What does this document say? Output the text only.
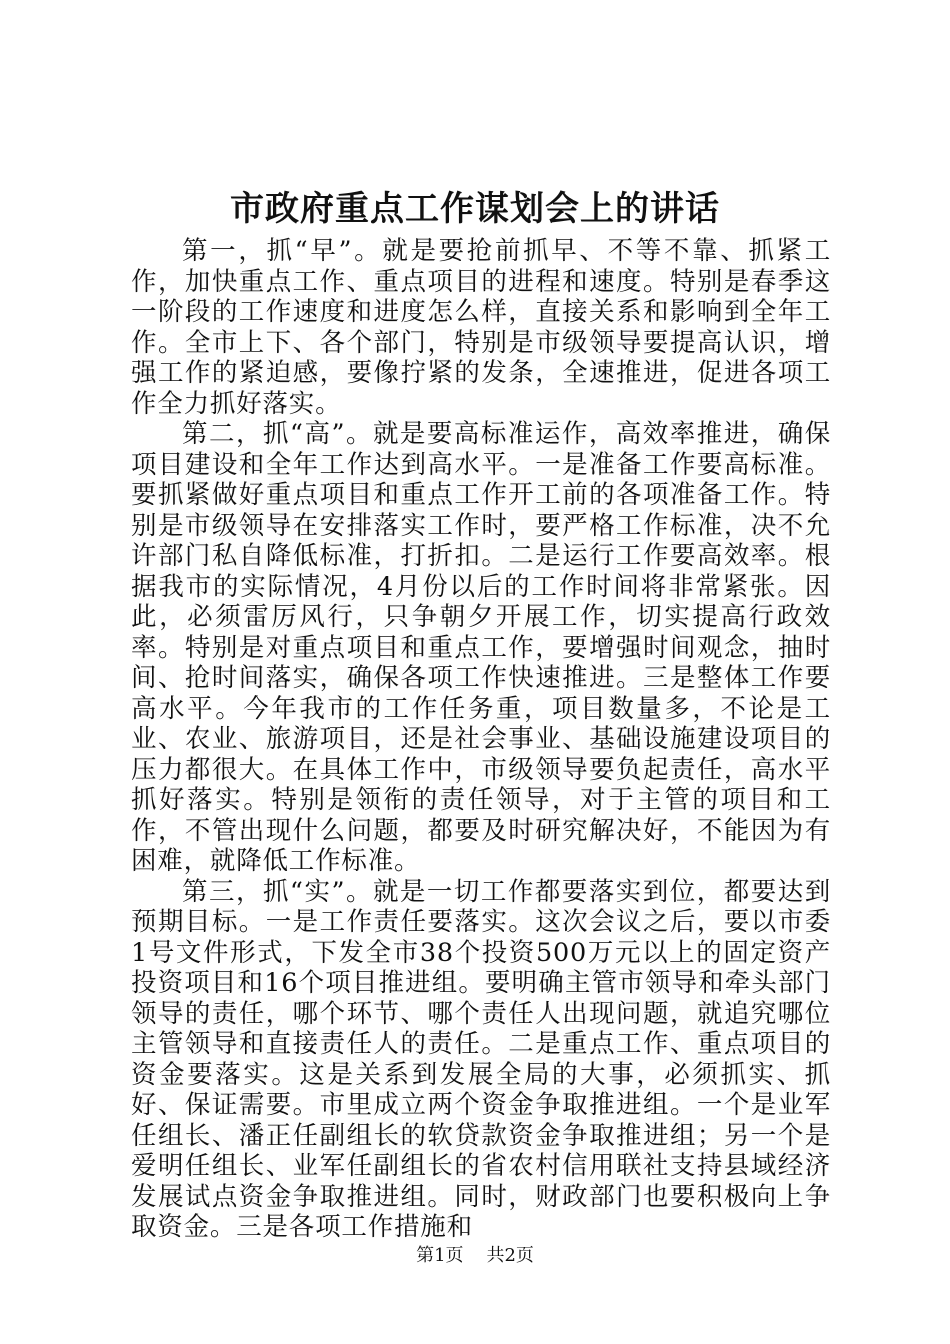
市政府重点工作谋划会上的讲话

第一，抓“早”。就是要抢前抓早、不等不靠、抓紧工作，加快重点工作、重点项目的进程和速度。特别是春季这一阶段的工作速度和进度怎么样，直接关系和影响到全年工作。全市上下、各个部门，特别是市级领导要提高认识，增强工作的紧迫感，要像拧紧的发条，全速推进，促进各项工作全力抓好落实。

第二，抓“高”。就是要高标准运作，高效率推进，确保项目建设和全年工作达到高水平。一是准备工作要高标准。要抓紧做好重点项目和重点工作开工前的各项准备工作。特别是市级领导在安排落实工作时，要严格工作标准，决不允许部门私自降低标准，打折扣。二是运行工作要高效率。根据我市的实际情况，4月份以后的工作时间将非常紧张。因此，必须雷厉风行，只争朝夕开展工作，切实提高行政效率。特别是对重点项目和重点工作，要增强时间观念，抽时间、抢时间落实，确保各项工作快速推进。三是整体工作要高水平。今年我市的工作任务重，项目数量多，不论是工业、农业、旅游项目，还是社会事业、基础设施建设项目的压力都很大。在具体工作中，市级领导要负起责任，高水平抓好落实。特别是领衔的责任领导，对于主管的项目和工作，不管出现什么问题，都要及时研究解决好，不能因为有困难，就降低工作标准。

第三，抓“实”。就是一切工作都要落实到位，都要达到预期目标。一是工作责任要落实。这次会议之后，要以市委1号文件形式，下发全市38个投资500万元以上的固定资产投资项目和16个项目推进组。要明确主管市领导和牵头部门领导的责任，哪个环节、哪个责任人出现问题，就追究哪位主管领导和直接责任人的责任。二是重点工作、重点项目的资金要落实。这是关系到发展全局的大事，必须抓实、抓好、保证需要。市里成立两个资金争取推进组。一个是业军任组长、潘正任副组长的软贷款资金争取推进组；另一个是爱明任组长、业军任副组长的省农村信用联社支持县域经济发展试点资金争取推进组。同时，财政部门也要积极向上争取资金。三是各项工作措施和

第1页 共2页
